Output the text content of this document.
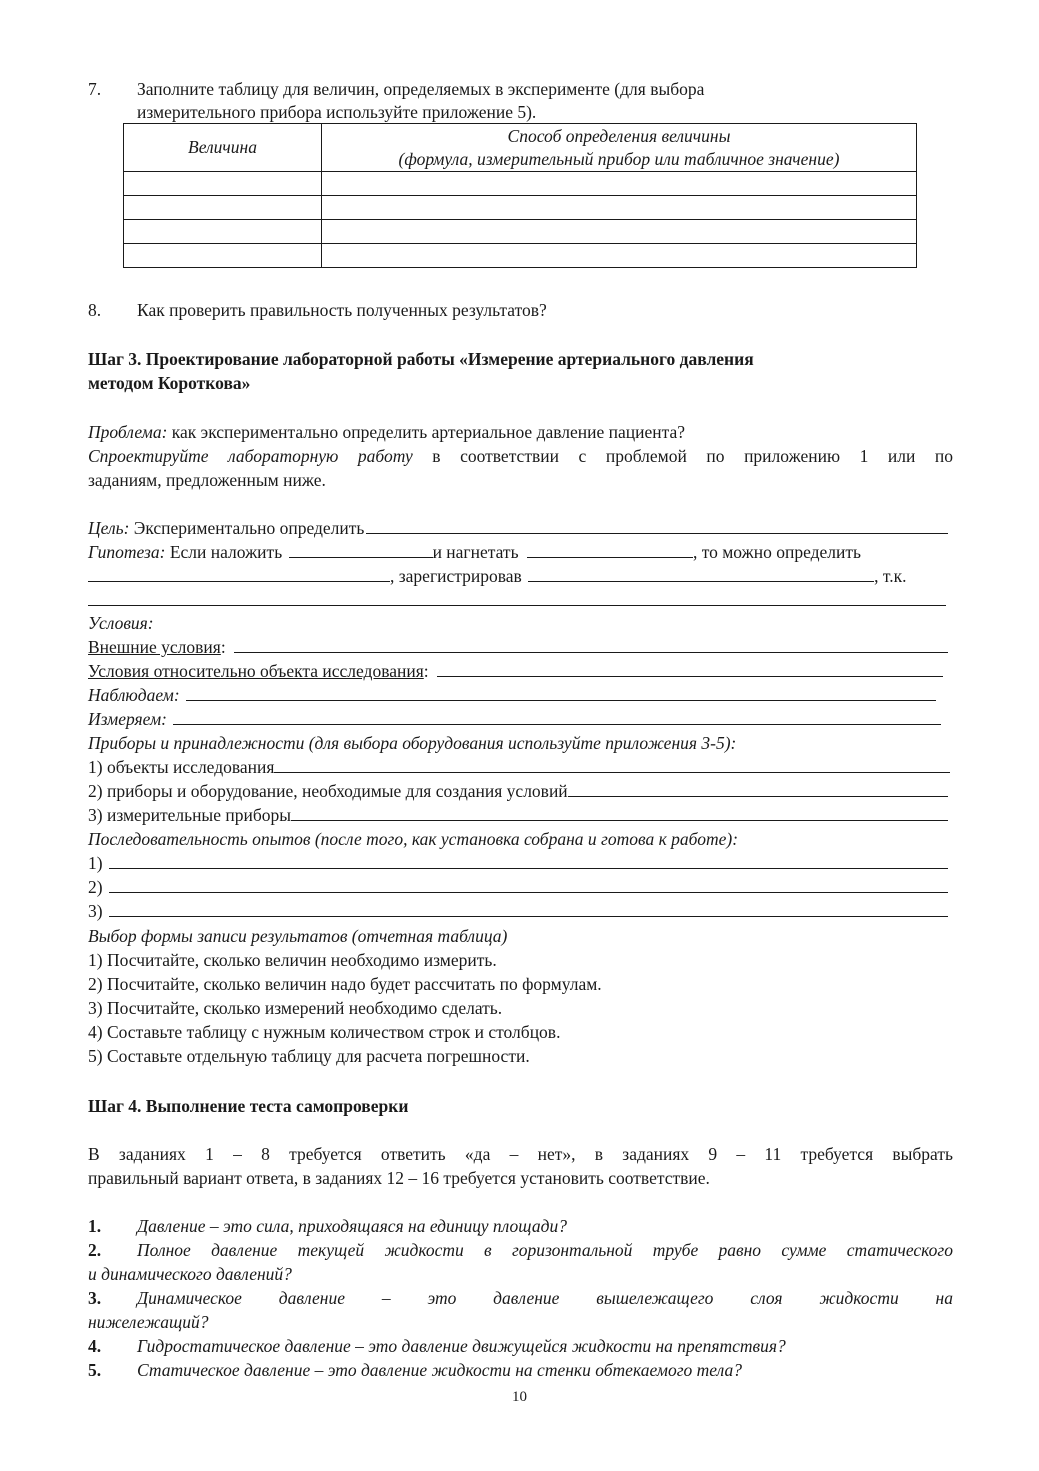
7. Заполните таблицу для величин, определяемых в эксперименте (для выбора
измерительного прибора используйте приложение 5).
Величина	Способ определения величины
(формула, измерительный прибор или табличное значение)

8. Как проверить правильность полученных результатов?
Шаг 3. Проектирование лабораторной работы «Измерение артериального давления
методом Короткова»
Проблема: как экспериментально определить артериальное давление пациента?
Спроектируйте лабораторную работу в соответствии с проблемой по приложению 1 или по
заданиям, предложенным ниже.
Цель: Экспериментально определить
Гипотеза: Если наложить	и нагнетать	, то можно определить
, зарегистрировав	, т.к.
Условия:
Внешние условия :
Условия относительно объекта исследования :
Наблюдаем:
Измеряем:
Приборы и принадлежности (для выбора оборудования используйте приложения 3-5):
1) объекты исследования
2) приборы и оборудование, необходимые для создания условий
3) измерительные приборы
Последовательность опытов (после того, как установка собрана и готова к работе):
1)
2)
3)
Выбор формы записи результатов (отчетная таблица)
1) Посчитайте, сколько величин необходимо измерить.
2) Посчитайте, сколько величин надо будет рассчитать по формулам.
3) Посчитайте, сколько измерений необходимо сделать.
4) Составьте таблицу с нужным количеством строк и столбцов.
5) Составьте отдельную таблицу для расчета погрешности.
Шаг 4. Выполнение теста самопроверки
В заданиях 1 – 8 требуется ответить «да – нет», в заданиях 9 – 11 требуется выбрать
правильный вариант ответа, в заданиях 12 – 16 требуется установить соответствие.
1. Давление – это сила, приходящаяся на единицу площади?
2. Полное давление текущей жидкости в горизонтальной трубе равно сумме статического
и динамического давлений?
3. Динамическое давление – это давление вышележащего слоя жидкости на
нижележащий?
4. Гидростатическое давление – это давление движущейся жидкости на препятствия?
5. Статическое давление – это давление жидкости на стенки обтекаемого тела?
10
